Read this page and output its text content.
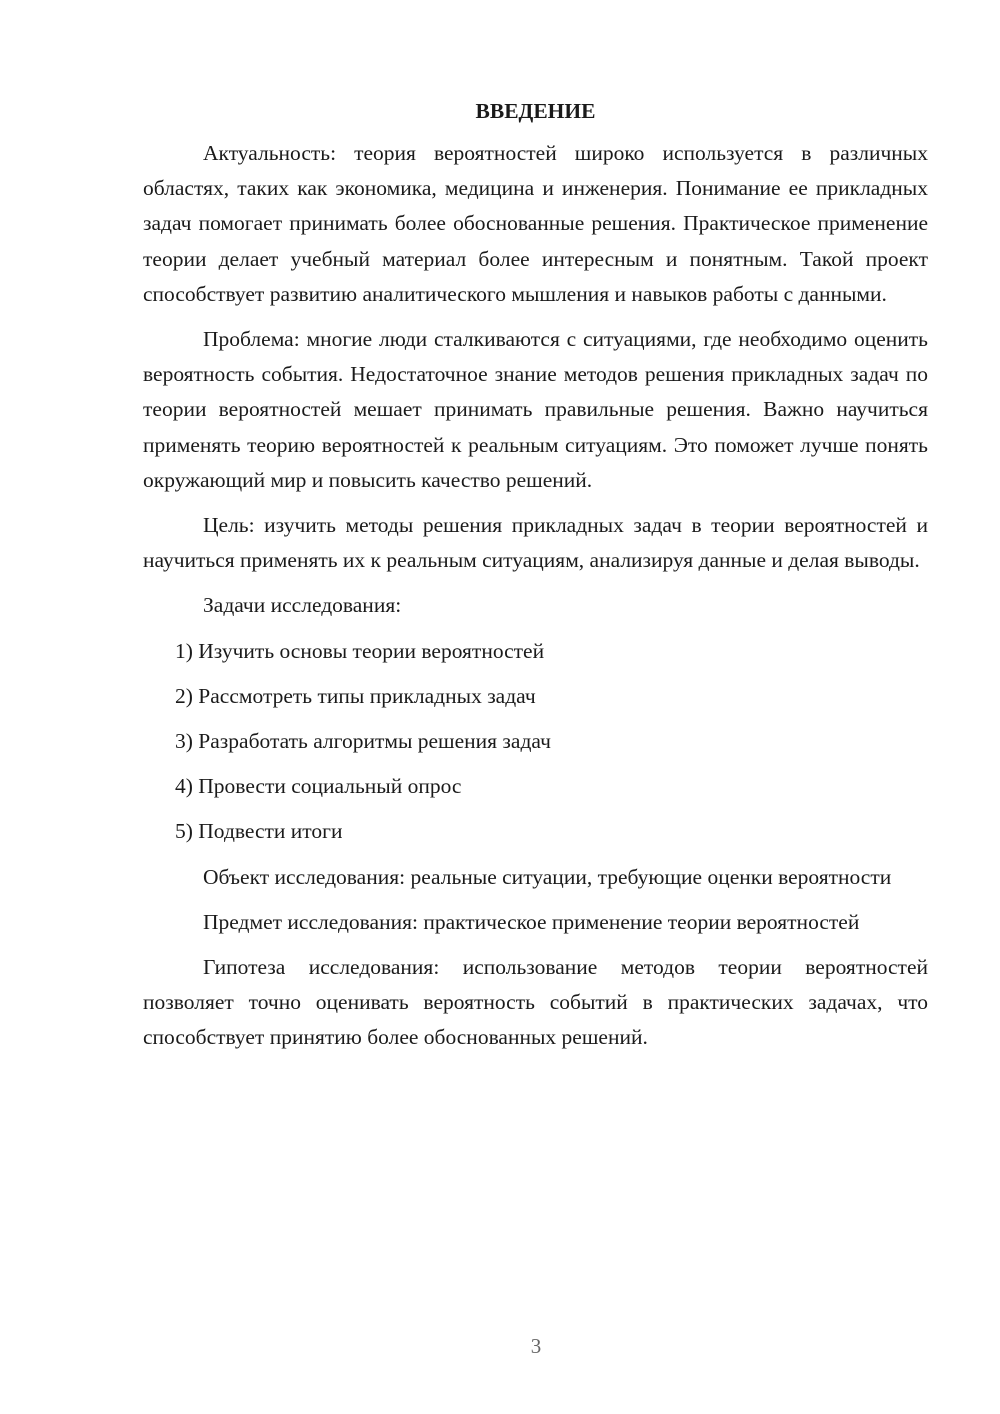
ВВЕДЕНИЕ

Актуальность: теория вероятностей широко используется в различных областях, таких как экономика, медицина и инженерия. Понимание ее прикладных задач помогает принимать более обоснованные решения. Практическое применение теории делает учебный материал более интересным и понятным. Такой проект способствует развитию аналитического мышления и навыков работы с данными.

Проблема: многие люди сталкиваются с ситуациями, где необходимо оценить вероятность события. Недостаточное знание методов решения прикладных задач по теории вероятностей мешает принимать правильные решения. Важно научиться применять теорию вероятностей к реальным ситуациям. Это поможет лучше понять окружающий мир и повысить качество решений.

Цель: изучить методы решения прикладных задач в теории вероятностей и научиться применять их к реальным ситуациям, анализируя данные и делая выводы.

Задачи исследования:

1) Изучить основы теории вероятностей
2) Рассмотреть типы прикладных задач
3) Разработать алгоритмы решения задач
4) Провести социальный опрос
5) Подвести итоги

Объект исследования: реальные ситуации, требующие оценки вероятности

Предмет исследования: практическое применение теории вероятностей

Гипотеза исследования: использование методов теории вероятностей позволяет точно оценивать вероятность событий в практических задачах, что способствует принятию более обоснованных решений.

3
